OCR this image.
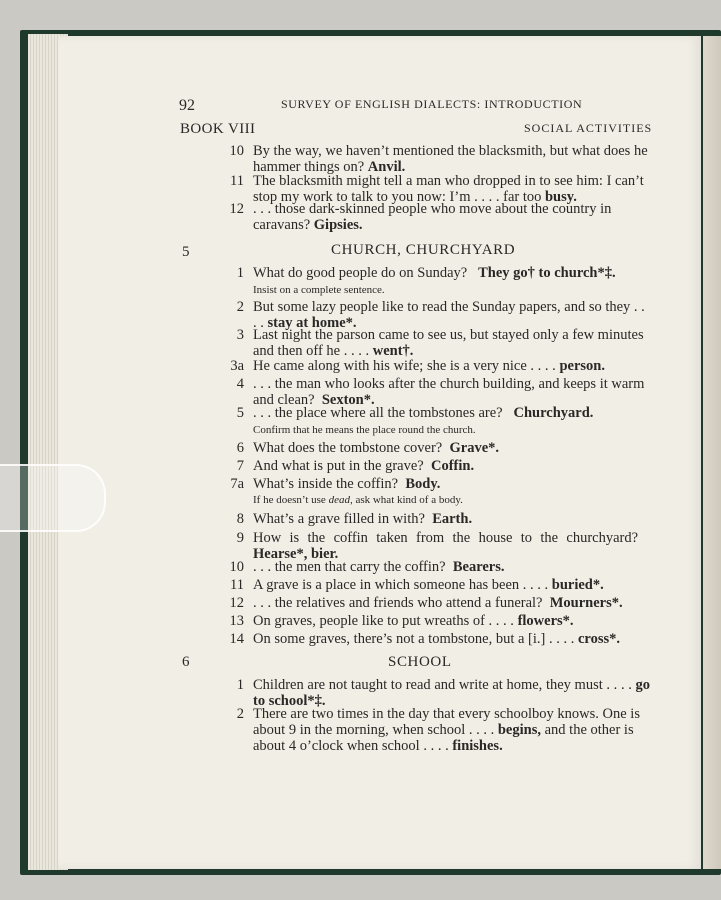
92	SURVEY OF ENGLISH DIALECTS: INTRODUCTION
BOOK VIII	SOCIAL ACTIVITIES
10 By the way, we haven’t mentioned the blacksmith, but what does he hammer things on? Anvil.
11 The blacksmith might tell a man who dropped in to see him: I can’t stop my work to talk to you now: I’m . . . . far too busy.
12 . . . those dark-skinned people who move about the country in caravans? Gipsies.
5	CHURCH, CHURCHYARD
1 What do good people do on Sunday? They go† to church*‡.
Insist on a complete sentence.
2 But some lazy people like to read the Sunday papers, and so they . . . . stay at home*.
3 Last night the parson came to see us, but stayed only a few minutes and then off he . . . . went†.
3a He came along with his wife; she is a very nice . . . . person.
4 . . . the man who looks after the church building, and keeps it warm and clean? Sexton*.
5 . . . the place where all the tombstones are? Churchyard.
Confirm that he means the place round the church.
6 What does the tombstone cover? Grave*.
7 And what is put in the grave? Coffin.
7a What’s inside the coffin? Body.
If he doesn’t use dead, ask what kind of a body.
8 What’s a grave filled in with? Earth.
9 How is the coffin taken from the house to the churchyard?   Hearse*, bier.
10 . . . the men that carry the coffin? Bearers.
11 A grave is a place in which someone has been . . . . buried*.
12 . . . the relatives and friends who attend a funeral? Mourners*.
13 On graves, people like to put wreaths of . . . . flowers*.
14 On some graves, there’s not a tombstone, but a [i.] . . . . cross*.
6	SCHOOL
1 Children are not taught to read and write at home, they must . . . . go to school*‡.
2 There are two times in the day that every schoolboy knows. One is about 9 in the morning, when school . . . . begins, and the other is about 4 o’clock when school . . . . finishes.
